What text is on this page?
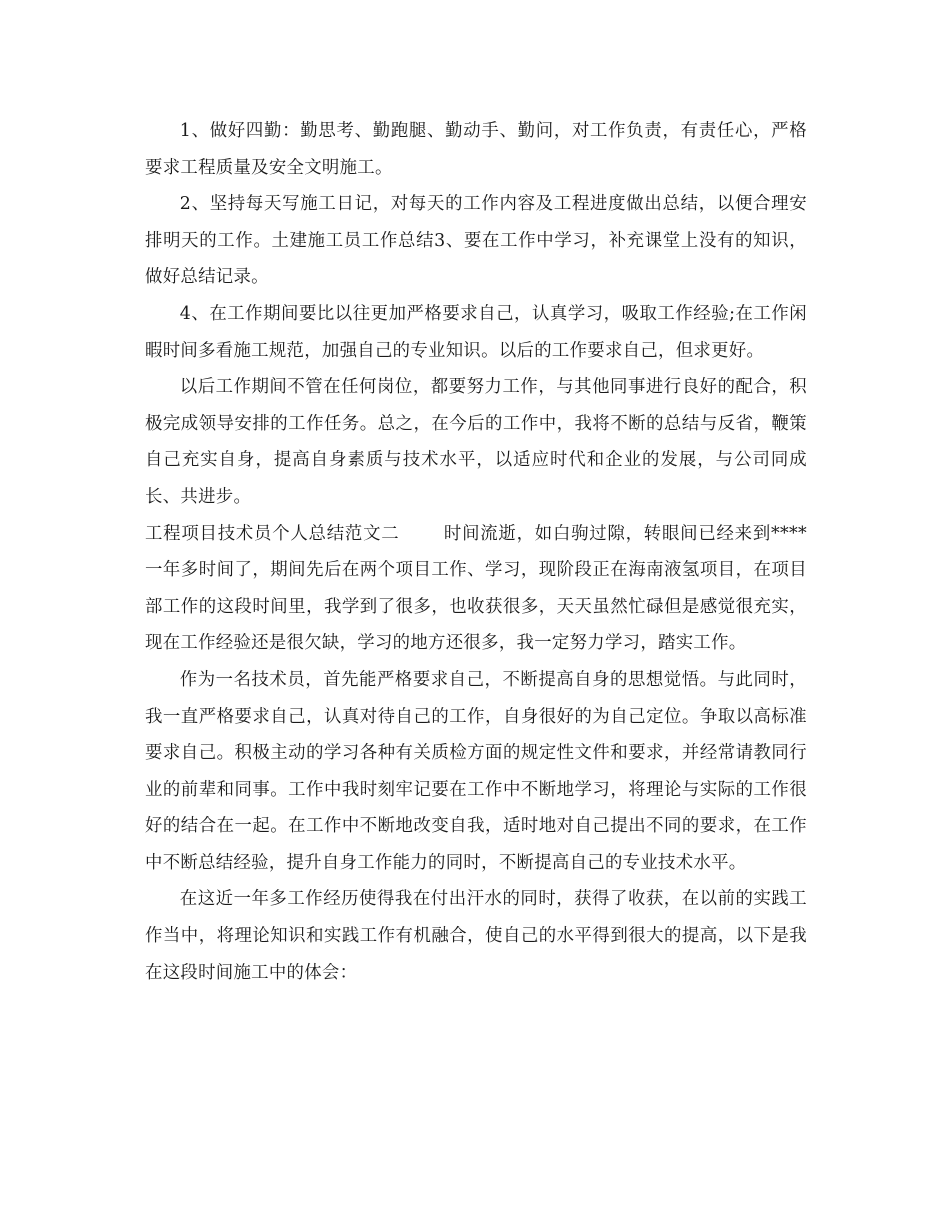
1、做好四勤：勤思考、勤跑腿、勤动手、勤问，对工作负责，有责任心，严格要求工程质量及安全文明施工。

2、坚持每天写施工日记，对每天的工作内容及工程进度做出总结，以便合理安排明天的工作。土建施工员工作总结3、要在工作中学习，补充课堂上没有的知识，做好总结记录。

4、在工作期间要比以往更加严格要求自己，认真学习，吸取工作经验;在工作闲暇时间多看施工规范，加强自己的专业知识。以后的工作要求自己，但求更好。

以后工作期间不管在任何岗位，都要努力工作，与其他同事进行良好的配合，积极完成领导安排的工作任务。总之，在今后的工作中，我将不断的总结与反省，鞭策自己充实自身，提高自身素质与技术水平，以适应时代和企业的发展，与公司同成长、共进步。

工程项目技术员个人总结范文二	时间流逝，如白驹过隙，转眼间已经来到****一年多时间了，期间先后在两个项目工作、学习，现阶段正在海南液氢项目，在项目部工作的这段时间里，我学到了很多，也收获很多，天天虽然忙碌但是感觉很充实，现在工作经验还是很欠缺，学习的地方还很多，我一定努力学习，踏实工作。

作为一名技术员，首先能严格要求自己，不断提高自身的思想觉悟。与此同时，我一直严格要求自己，认真对待自己的工作，自身很好的为自己定位。争取以高标准要求自己。积极主动的学习各种有关质检方面的规定性文件和要求，并经常请教同行业的前辈和同事。工作中我时刻牢记要在工作中不断地学习，将理论与实际的工作很好的结合在一起。在工作中不断地改变自我，适时地对自己提出不同的要求，在工作中不断总结经验，提升自身工作能力的同时，不断提高自己的专业技术水平。

在这近一年多工作经历使得我在付出汗水的同时，获得了收获，在以前的实践工作当中，将理论知识和实践工作有机融合，使自己的水平得到很大的提高，以下是我在这段时间施工中的体会：
